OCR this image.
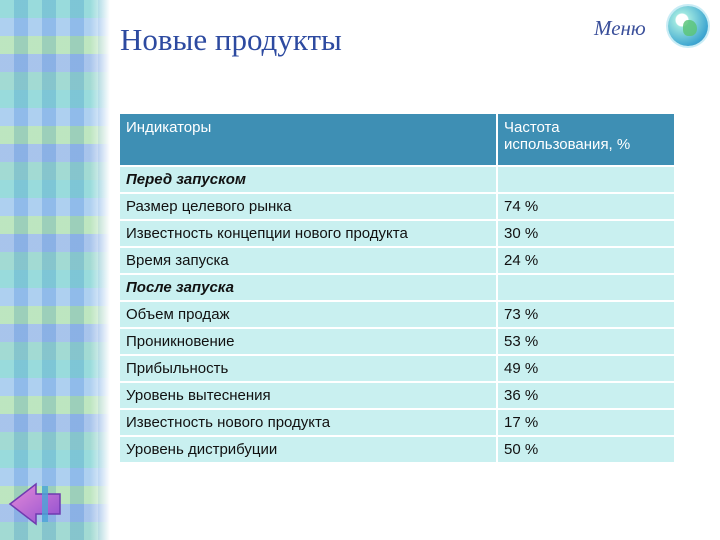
Новые продукты	Меню
Индикаторы	Частота использования, %
Перед запуском	
Размер целевого рынка	74 %
Известность концепции нового продукта	30 %
Время запуска	24 %
После запуска	
Объем продаж	73 %
Проникновение	53 %
Прибыльность	49 %
Уровень вытеснения	36 %
Известность нового продукта	17 %
Уровень дистрибуции	50 %
